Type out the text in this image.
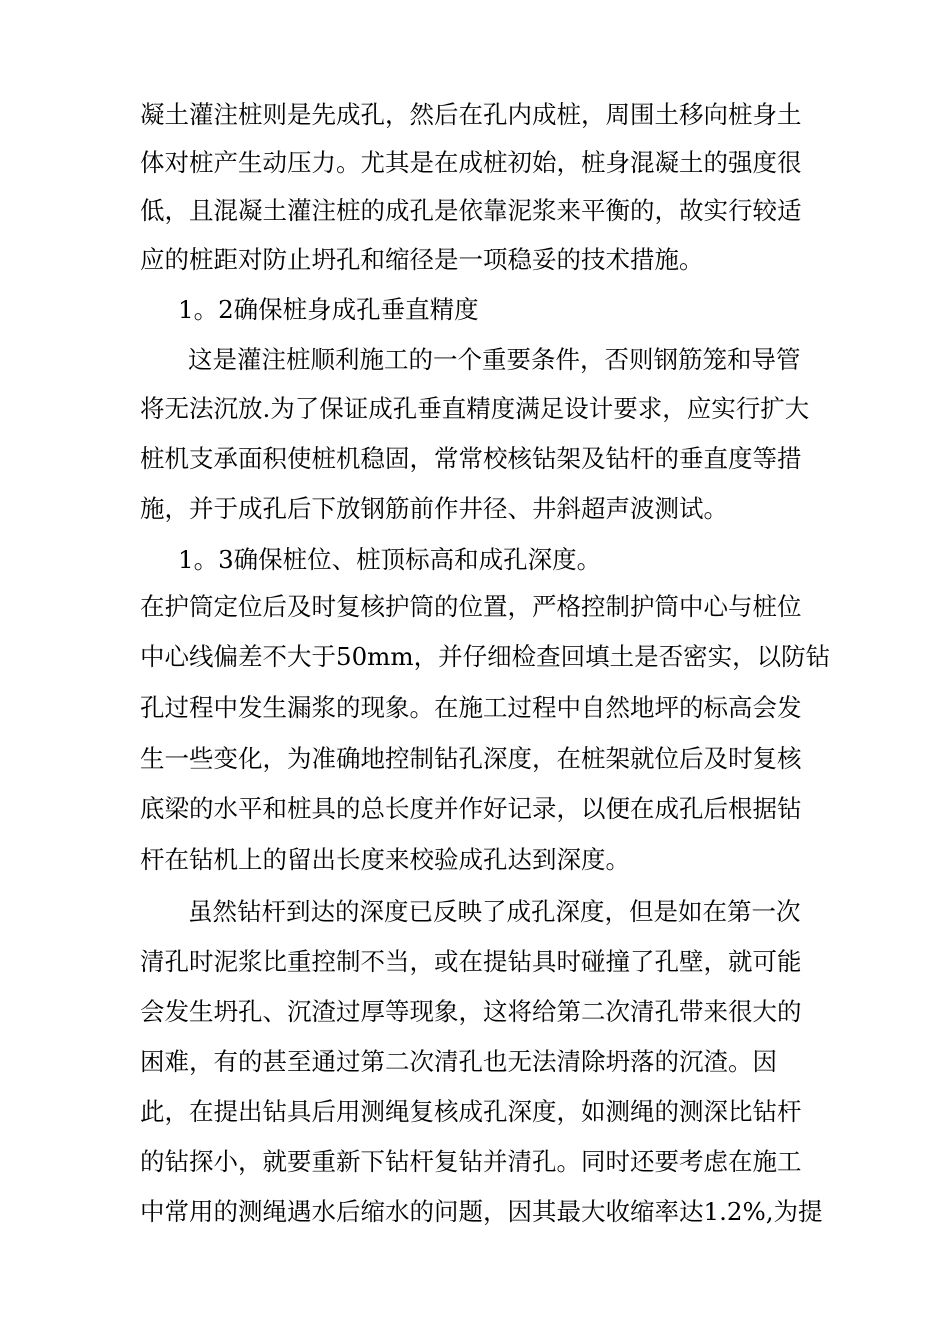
凝土灌注桩则是先成孔，然后在孔内成桩，周围土移向桩身土
体对桩产生动压力。尤其是在成桩初始，桩身混凝土的强度很
低，且混凝土灌注桩的成孔是依靠泥浆来平衡的，故实行较适
应的桩距对防止坍孔和缩径是一项稳妥的技术措施。
1。2确保桩身成孔垂直精度
这是灌注桩顺利施工的一个重要条件，否则钢筋笼和导管
将无法沉放.为了保证成孔垂直精度满足设计要求，应实行扩大
桩机支承面积使桩机稳固，常常校核钻架及钻杆的垂直度等措
施，并于成孔后下放钢筋前作井径、井斜超声波测试。
1。3确保桩位、桩顶标高和成孔深度。
在护筒定位后及时复核护筒的位置，严格控制护筒中心与桩位
中心线偏差不大于50mm，并仔细检查回填土是否密实，以防钻
孔过程中发生漏浆的现象。在施工过程中自然地坪的标高会发
生一些变化，为准确地控制钻孔深度，在桩架就位后及时复核
底梁的水平和桩具的总长度并作好记录，以便在成孔后根据钻
杆在钻机上的留出长度来校验成孔达到深度。
虽然钻杆到达的深度已反映了成孔深度，但是如在第一次
清孔时泥浆比重控制不当，或在提钻具时碰撞了孔壁，就可能
会发生坍孔、沉渣过厚等现象，这将给第二次清孔带来很大的
困难，有的甚至通过第二次清孔也无法清除坍落的沉渣。因
此，在提出钻具后用测绳复核成孔深度，如测绳的测深比钻杆
的钻探小，就要重新下钻杆复钻并清孔。同时还要考虑在施工
中常用的测绳遇水后缩水的问题，因其最大收缩率达1.2%,为提
